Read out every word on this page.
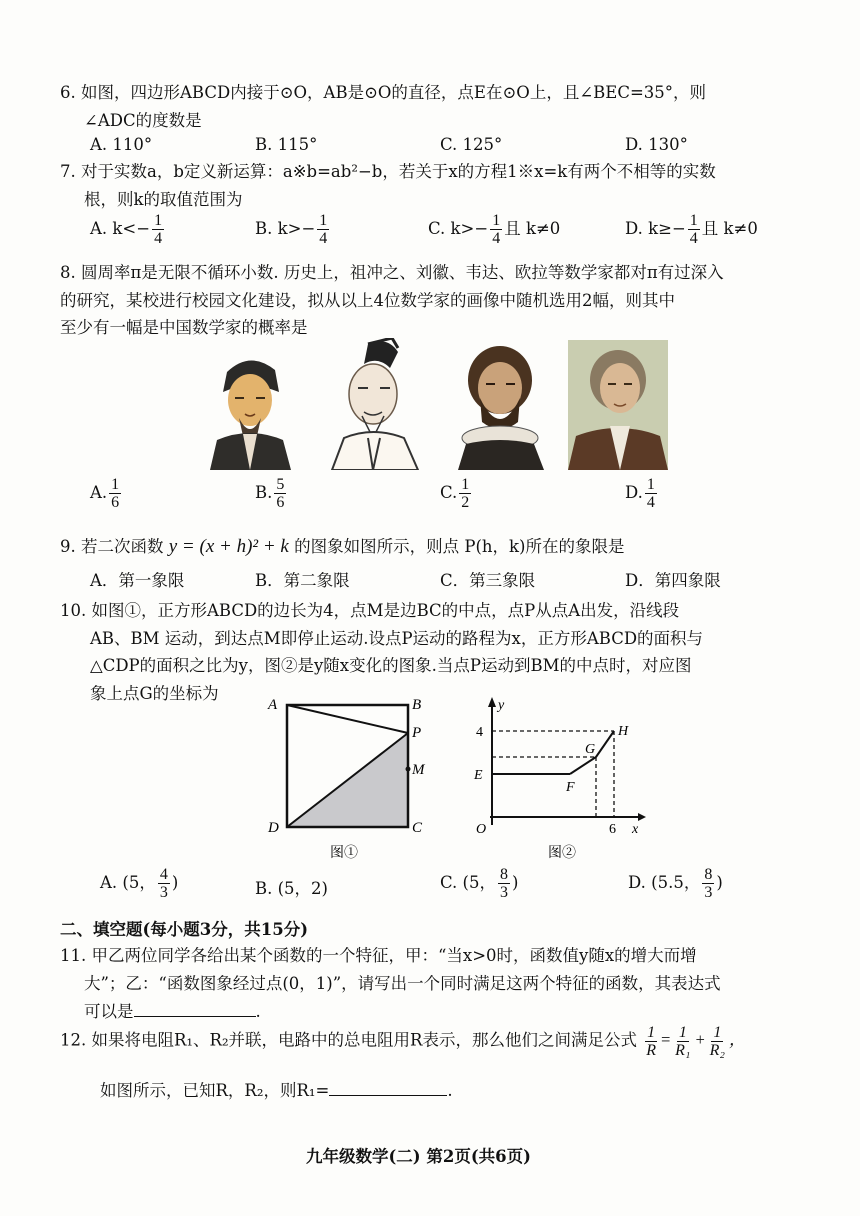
6. 如图，四边形ABCD内接于⊙O，AB是⊙O的直径，点E在⊙O上，且∠BEC=35°，则
∠ADC的度数是
A. 110°	B. 115°	C. 125°	D. 130°
7. 对于实数a，b定义新运算：a※b=ab²−b，若关于x的方程1※x=k有两个不相等的实数
根，则k的取值范围为
A. $k<- \frac{1}{4}$	B. $k>- \frac{1}{4}$	C. $k>- \frac{1}{4}$ 且 k≠0	D. $k\ge- \frac{1}{4}$ 且 k≠0
8. 圆周率π是无限不循环小数. 历史上，祖冲之、刘徽、韦达、欧拉等数学家都对π有过深入
的研究，某校进行校园文化建设，拟从以上4位数学家的画像中随机选用2幅，则其中
至少有一幅是中国数学家的概率是
A. $\frac{1}{6}$	B. $\frac{5}{6}$	C. $\frac{1}{2}$	D. $\frac{1}{4}$
9. 若二次函数 y = (x + h)² + k 的图象如图所示，则点 P(h，k)所在的象限是
A．第一象限	B．第二象限	C．第三象限	D．第四象限
10. 如图①，正方形ABCD的边长为4，点M是边BC的中点，点P从点A出发，沿线段
AB、BM 运动，到达点M即停止运动.设点P运动的路程为x，正方形ABCD的面积与
△CDP的面积之比为y，图②是y随x变化的图象.当点P运动到BM的中点时，对应图
象上点G的坐标为
A	B
P
M
D	C
图①
y
x
O
4
E
F
G
H
6
图②
A. (5， $\frac{4}{3}$ )	B. (5，2)	C. (5， $\frac{8}{3}$ )	D. (5.5， $\frac{8}{3}$ )
二、填空题(每小题3分，共15分)
11. 甲乙两位同学各给出某个函数的一个特征，甲：“当x>0时，函数值y随x的增大而增
大”；乙：“函数图象经过点(0，1)”，请写出一个同时满足这两个特征的函数，其表达式
可以是	.
12. 如果将电阻R₁、R₂并联，电路中的总电阻用R表示，那么他们之间满足公式 $\frac{1}{R} = \frac{1}{\text{R₁}} + \frac{1}{\text{R₂}}$ ，
如图所示，已知R，R₂，则R₁=	.
九年级数学(二) 第2页(共6页)
